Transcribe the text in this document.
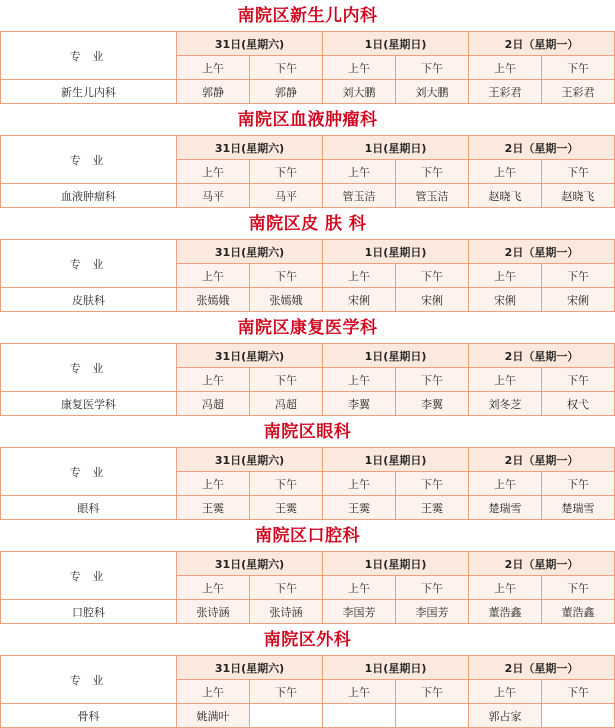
南院区新生儿内科
专 业	31日(星期六)		1日(星期日)		2日（星期一）	
	上午	下午	上午	下午	上午	下午
新生儿内科	郭静	郭静	刘大鹏	刘大鹏	王彩君	王彩君
南院区血液肿瘤科
专 业	31日(星期六)		1日(星期日)		2日（星期一）	
	上午	下午	上午	下午	上午	下午
血液肿瘤科	马平	马平	管玉洁	管玉洁	赵晓飞	赵晓飞
南院区皮 肤 科
专 业	31日(星期六)		1日(星期日)		2日（星期一）	
	上午	下午	上午	下午	上午	下午
皮肤科	张嫣娥	张嫣娥	宋俐	宋俐	宋俐	宋俐
南院区康复医学科
专 业	31日(星期六)		1日(星期日)		2日（星期一）	
	上午	下午	上午	下午	上午	下午
康复医学科	冯超	冯超	李翼	李翼	刘冬芝	权弋
南院区眼科
专 业	31日(星期六)		1日(星期日)		2日（星期一）	
	上午	下午	上午	下午	上午	下午
眼科	王霙	王霙	王霙	王霙	楚瑞雪	楚瑞雪
南院区口腔科
专 业	31日(星期六)		1日(星期日)		2日（星期一）	
	上午	下午	上午	下午	上午	下午
口腔科	张诗涵	张诗涵	李国芳	李国芳	董浩鑫	董浩鑫
南院区外科
专 业	31日(星期六)		1日(星期日)		2日（星期一）	
	上午	下午	上午	下午	上午	下午
骨科	姚满叶				郭占家	
